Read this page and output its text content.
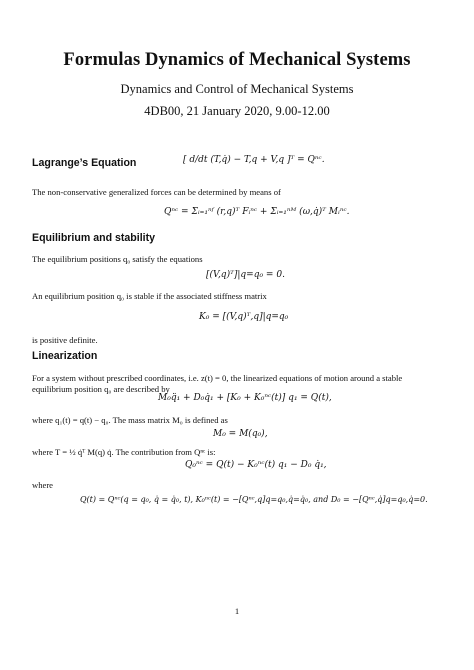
Formulas Dynamics of Mechanical Systems
Dynamics and Control of Mechanical Systems
4DB00, 21 January 2020, 9.00-12.00
Lagrange’s Equation	[ d/dt (T,q̇) − T,q + V,q ]ᵀ = Qⁿᶜ.
The non-conservative generalized forces can be determined by means of
Qⁿᶜ = Σᵢ₌₁ⁿᶠ (r,q)ᵀ Fᵢⁿᶜ + Σᵢ₌₁ⁿᴹ (ω,q̇)ᵀ Mᵢⁿᶜ.
Equilibrium and stability
The equilibrium positions q₀ satisfy the equations
[(V,q)ᵀ]|q=q₀ = 0.
An equilibrium position q₀ is stable if the associated stiffness matrix
K₀ = [(V,q)ᵀ,q]|q=q₀
is positive definite.
Linearization
For a system without prescribed coordinates, i.e. z(t) = 0, the linearized equations of motion around a stable
equilibrium position q₀ are described by
M₀q̈₁ + D₀q̇₁ + [K₀ + K₀ⁿᶜ(t)] q₁ = Q(t),
where q₁(t) = q(t) − q₀. The mass matrix M₀ is defined as
M₀ = M(q₀),
where T = ½ q̇ᵀ M(q) q̇. The contribution from Qⁿᶜ is:
Q₀ⁿᶜ = Q(t) − K₀ⁿᶜ(t) q₁ − D₀ q̇₁,
where
Q(t) = Qⁿᶜ(q = q₀, q̇ = q̇₀, t), K₀ⁿᶜ(t) = −[Qⁿᶜ,q]q=q₀,q̇=q̇₀, and D₀ = −[Qⁿᶜ,q̇]q=q₀,q̇=0.
1
